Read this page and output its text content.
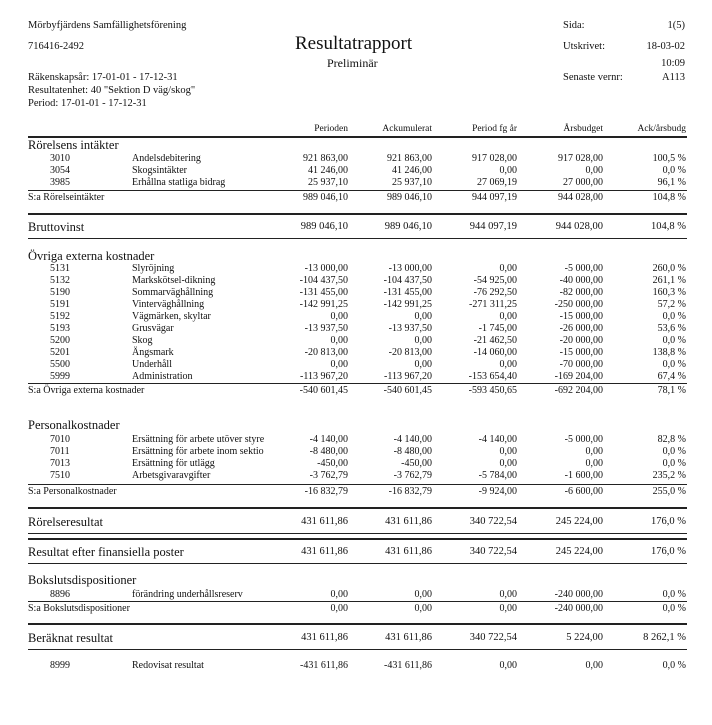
Mörbyfjärdens Samfällighetsförening
716416-2492	Resultatrapport
Preliminär
Sida:	1(5)
Utskrivet:	18-03-02
10:09
Senaste vernr:	A113
Räkenskapsår: 17-01-01 - 17-12-31
Resultatenhet: 40 "Sektion D väg/skog"
Period: 17-01-01 - 17-12-31
Perioden	Ackumulerat	Period fg år	Årsbudget	Ack/årsbudg
Rörelsens intäkter
3010	Andelsdebitering	921 863,00	921 863,00	917 028,00	917 028,00	100,5 %
3054	Skogsintäkter	41 246,00	41 246,00	0,00	0,00	0,0 %
3985	Erhållna statliga bidrag	25 937,10	25 937,10	27 069,19	27 000,00	96,1 %
S:a Rörelseintäkter	989 046,10	989 046,10	944 097,19	944 028,00	104,8 %
Bruttovinst	989 046,10	989 046,10	944 097,19	944 028,00	104,8 %
Övriga externa kostnader
5131	Slyröjning	-13 000,00	-13 000,00	0,00	-5 000,00	260,0 %
5132	Markskötsel-dikning	-104 437,50	-104 437,50	-54 925,00	-40 000,00	261,1 %
5190	Sommarväghållning	-131 455,00	-131 455,00	-76 292,50	-82 000,00	160,3 %
5191	Vinterväghållning	-142 991,25	-142 991,25	-271 311,25	-250 000,00	57,2 %
5192	Vägmärken, skyltar	0,00	0,00	0,00	-15 000,00	0,0 %
5193	Grusvägar	-13 937,50	-13 937,50	-1 745,00	-26 000,00	53,6 %
5200	Skog	0,00	0,00	-21 462,50	-20 000,00	0,0 %
5201	Ängsmark	-20 813,00	-20 813,00	-14 060,00	-15 000,00	138,8 %
5500	Underhåll	0,00	0,00	0,00	-70 000,00	0,0 %
5999	Administration	-113 967,20	-113 967,20	-153 654,40	-169 204,00	67,4 %
S:a Övriga externa kostnader	-540 601,45	-540 601,45	-593 450,65	-692 204,00	78,1 %
Personalkostnader
7010	Ersättning för arbete utöver styre	-4 140,00	-4 140,00	-4 140,00	-5 000,00	82,8 %
7011	Ersättning för arbete inom sektio	-8 480,00	-8 480,00	0,00	0,00	0,0 %
7013	Ersättning för utlägg	-450,00	-450,00	0,00	0,00	0,0 %
7510	Arbetsgivaravgifter	-3 762,79	-3 762,79	-5 784,00	-1 600,00	235,2 %
S:a Personalkostnader	-16 832,79	-16 832,79	-9 924,00	-6 600,00	255,0 %
Rörelseresultat	431 611,86	431 611,86	340 722,54	245 224,00	176,0 %
Resultat efter finansiella poster	431 611,86	431 611,86	340 722,54	245 224,00	176,0 %
Bokslutsdispositioner
8896	förändring underhållsreserv	0,00	0,00	0,00	-240 000,00	0,0 %
S:a Bokslutsdispositioner	0,00	0,00	0,00	-240 000,00	0,0 %
Beräknat resultat	431 611,86	431 611,86	340 722,54	5 224,00	8 262,1 %
8999	Redovisat resultat	-431 611,86	-431 611,86	0,00	0,00	0,0 %
